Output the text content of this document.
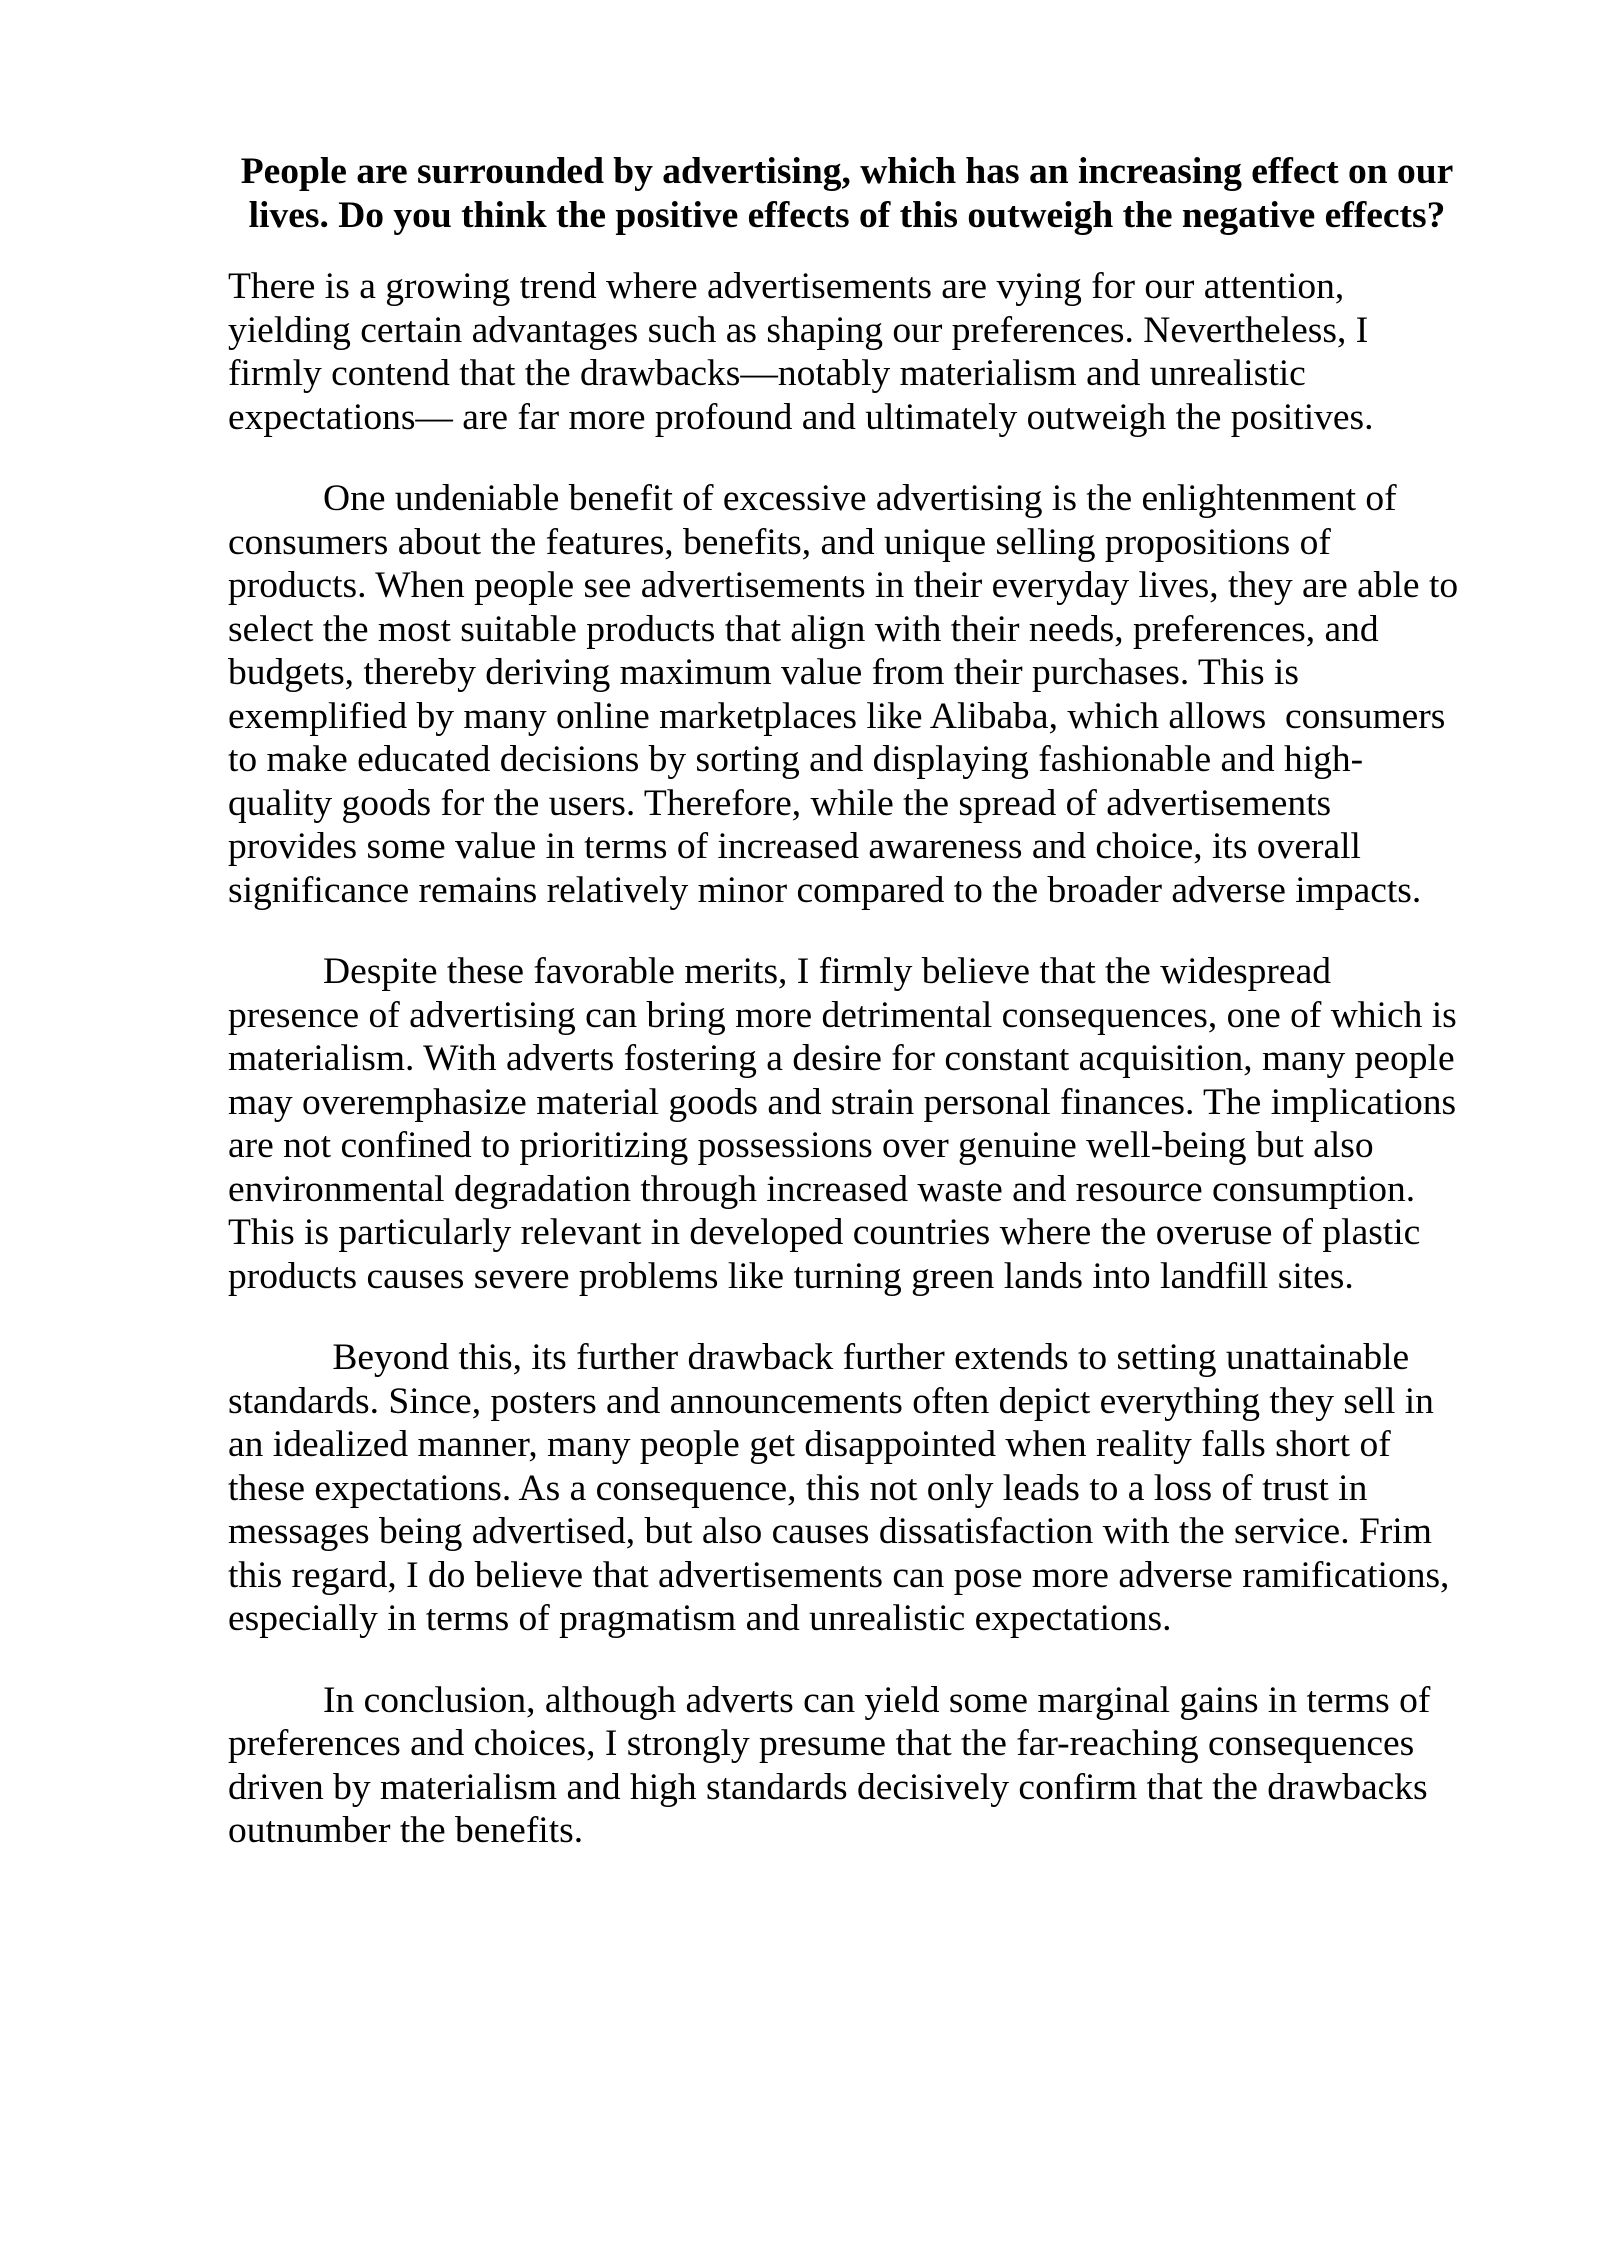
People are surrounded by advertising, which has an increasing effect on our lives. Do you think the positive effects of this outweigh the negative effects?

There is a growing trend where advertisements are vying for our attention, yielding certain advantages such as shaping our preferences. Nevertheless, I firmly contend that the drawbacks—notably materialism and unrealistic expectations— are far more profound and ultimately outweigh the positives.

One undeniable benefit of excessive advertising is the enlightenment of consumers about the features, benefits, and unique selling propositions of products. When people see advertisements in their everyday lives, they are able to select the most suitable products that align with their needs, preferences, and budgets, thereby deriving maximum value from their purchases. This is exemplified by many online marketplaces like Alibaba, which allows  consumers to make educated decisions by sorting and displaying fashionable and high-quality goods for the users. Therefore, while the spread of advertisements provides some value in terms of increased awareness and choice, its overall significance remains relatively minor compared to the broader adverse impacts.

Despite these favorable merits, I firmly believe that the widespread presence of advertising can bring more detrimental consequences, one of which is materialism. With adverts fostering a desire for constant acquisition, many people may overemphasize material goods and strain personal finances. The implications are not confined to prioritizing possessions over genuine well-being but also environmental degradation through increased waste and resource consumption. This is particularly relevant in developed countries where the overuse of plastic products causes severe problems like turning green lands into landfill sites.

Beyond this, its further drawback further extends to setting unattainable standards. Since, posters and announcements often depict everything they sell in an idealized manner, many people get disappointed when reality falls short of these expectations. As a consequence, this not only leads to a loss of trust in messages being advertised, but also causes dissatisfaction with the service. Frim this regard, I do believe that advertisements can pose more adverse ramifications, especially in terms of pragmatism and unrealistic expectations.

In conclusion, although adverts can yield some marginal gains in terms of preferences and choices, I strongly presume that the far-reaching consequences driven by materialism and high standards decisively confirm that the drawbacks outnumber the benefits.
